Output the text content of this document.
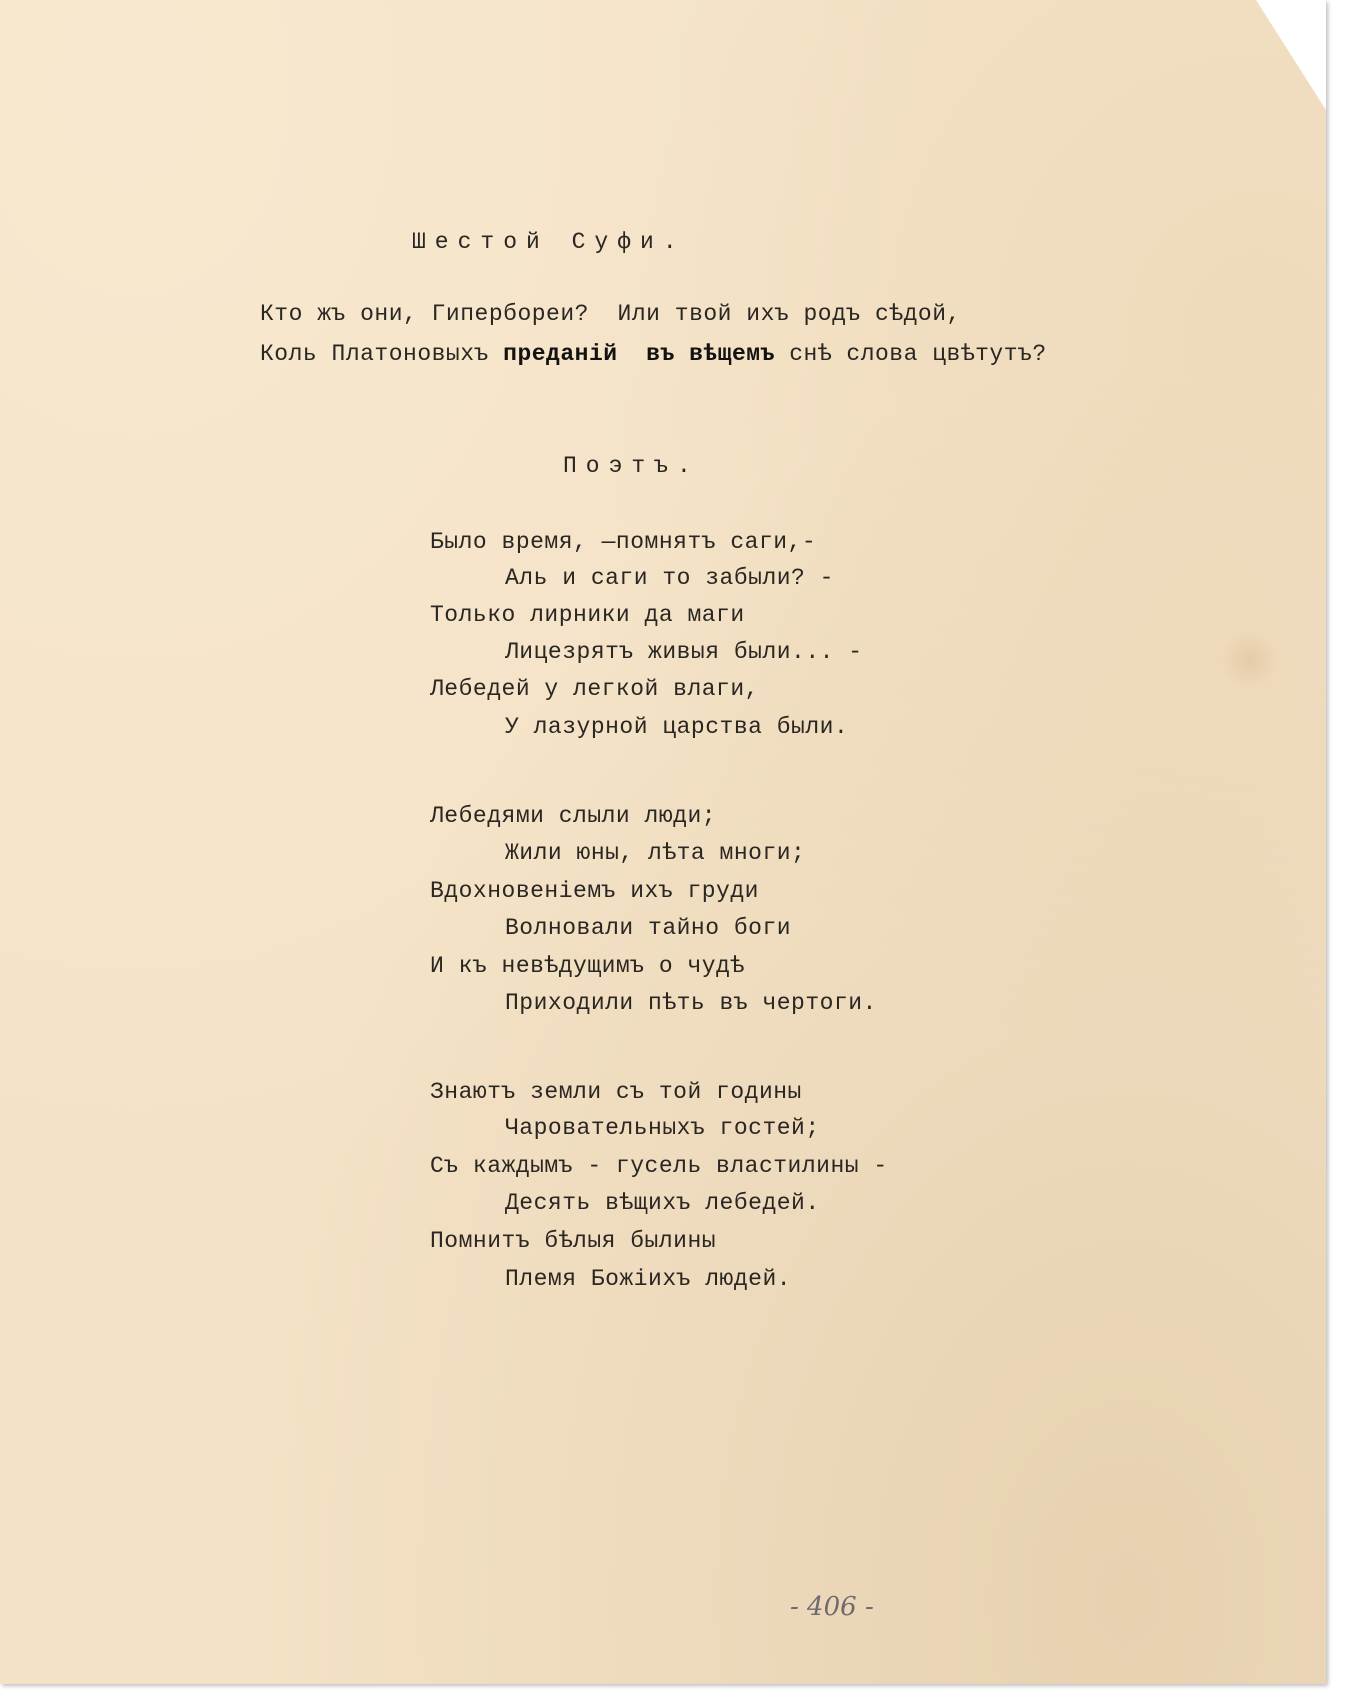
Шестой Суфи.
Кто жъ они, Гипербореи?  Или твой ихъ родъ сѣдой,
Коль Платоновыхъ преданій  въ вѣщемъ снѣ слова цвѣтутъ?
Поэтъ.
Было время, —помнятъ саги,-
Аль и саги то забыли? -
Только лирники да маги
Лицезрятъ живыя были... -
Лебедей у легкой влаги,
У лазурной царства были.
Лебедями слыли люди;
Жили юны, лѣта многи;
Вдохновеніемъ ихъ груди
Волновали тайно боги
И къ невѣдущимъ о чудѣ
Приходили пѣть въ чертоги.
Знаютъ земли съ той годины
Чаровательныхъ гостей;
Съ каждымъ - гусель властилины -
Десять вѣщихъ лебедей.
Помнитъ бѣлыя былины
Племя Божіихъ людей.
- 406 -
